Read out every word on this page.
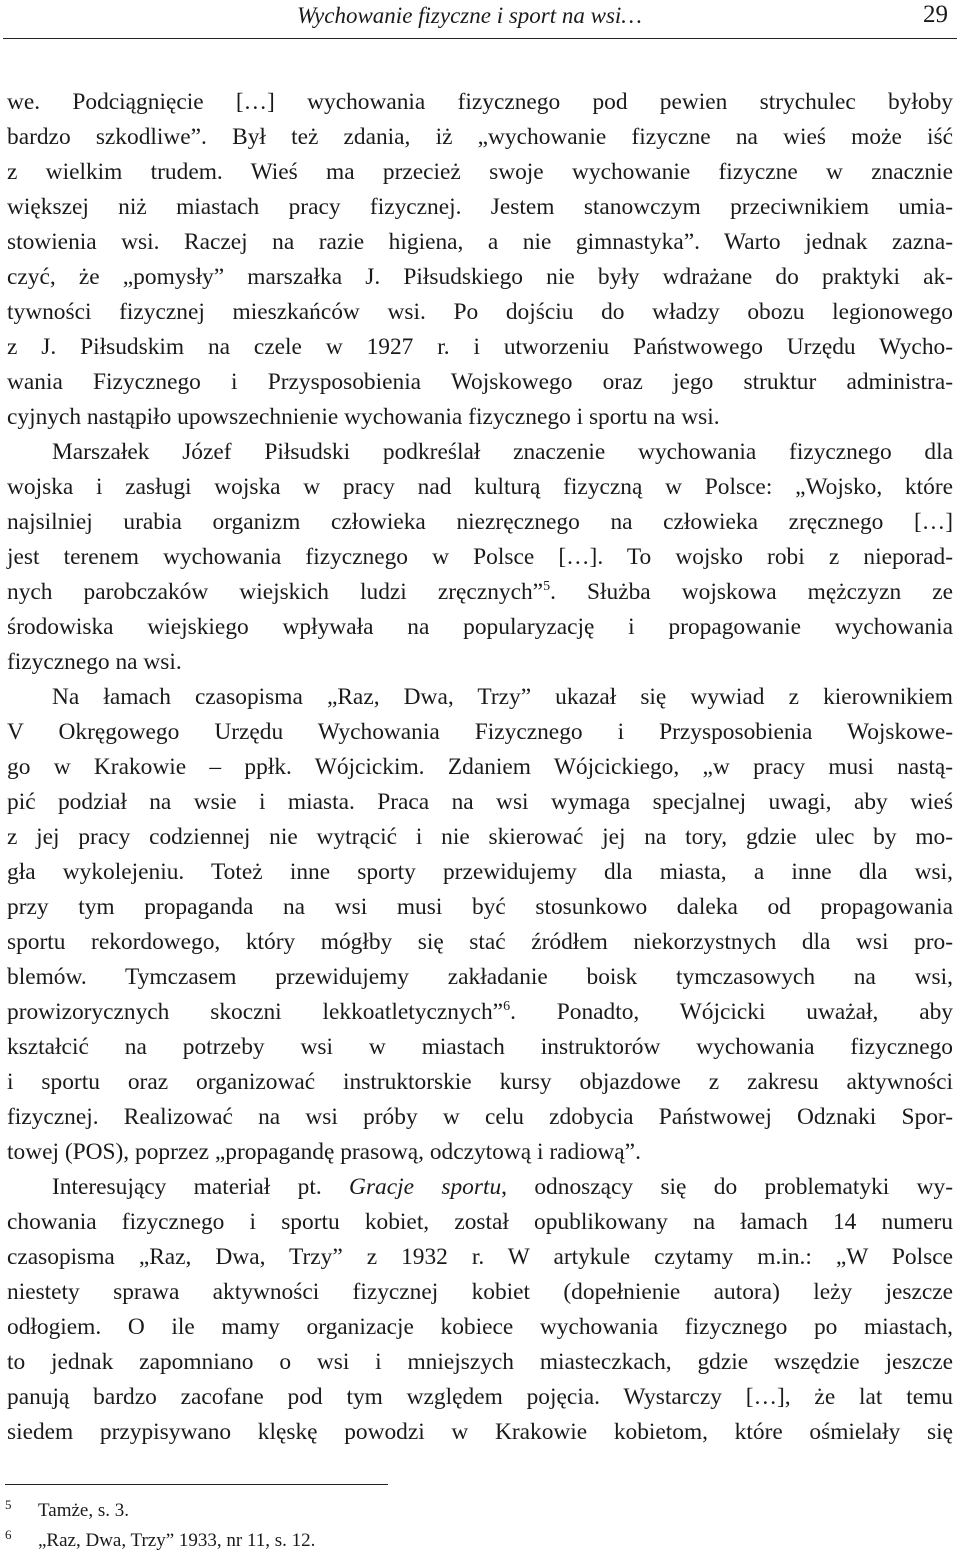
Wychowanie fizyczne i sport na wsi…	29
we. Podciągnięcie […] wychowania fizycznego pod pewien strychulec byłoby
bardzo szkodliwe”. Był też zdania, iż „wychowanie fizyczne na wieś może iść
z wielkim trudem. Wieś ma przecież swoje wychowanie fizyczne w znacznie
większej niż miastach pracy fizycznej. Jestem stanowczym przeciwnikiem umia-
stowienia wsi. Raczej na razie higiena, a nie gimnastyka”. Warto jednak zazna-
czyć, że „pomysły” marszałka J. Piłsudskiego nie były wdrażane do praktyki ak-
tywności fizycznej mieszkańców wsi. Po dojściu do władzy obozu legionowego
z J. Piłsudskim na czele w 1927 r. i utworzeniu Państwowego Urzędu Wycho-
wania Fizycznego i Przysposobienia Wojskowego oraz jego struktur administra-
cyjnych nastąpiło upowszechnienie wychowania fizycznego i sportu na wsi.
Marszałek Józef Piłsudski podkreślał znaczenie wychowania fizycznego dla
wojska i zasługi wojska w pracy nad kulturą fizyczną w Polsce: „Wojsko, które
najsilniej urabia organizm człowieka niezręcznego na człowieka zręcznego […]
jest terenem wychowania fizycznego w Polsce […]. To wojsko robi z nieporad-
nych parobczaków wiejskich ludzi zręcznych”$^5$. Służba wojskowa mężczyzn ze
środowiska wiejskiego wpływała na popularyzację i propagowanie wychowania
fizycznego na wsi.
Na łamach czasopisma „Raz, Dwa, Trzy” ukazał się wywiad z kierownikiem
V Okręgowego Urzędu Wychowania Fizycznego i Przysposobienia Wojskowe-
go w Krakowie – ppłk. Wójcickim. Zdaniem Wójcickiego, „w pracy musi nastą-
pić podział na wsie i miasta. Praca na wsi wymaga specjalnej uwagi, aby wieś
z jej pracy codziennej nie wytrącić i nie skierować jej na tory, gdzie ulec by mo-
gła wykolejeniu. Toteż inne sporty przewidujemy dla miasta, a inne dla wsi,
przy tym propaganda na wsi musi być stosunkowo daleka od propagowania
sportu rekordowego, który mógłby się stać źródłem niekorzystnych dla wsi pro-
blemów. Tymczasem przewidujemy zakładanie boisk tymczasowych na wsi,
prowizorycznych skoczni lekkoatletycznych”$^6$. Ponadto, Wójcicki uważał, aby
kształcić na potrzeby wsi w miastach instruktorów wychowania fizycznego
i sportu oraz organizować instruktorskie kursy objazdowe z zakresu aktywności
fizycznej. Realizować na wsi próby w celu zdobycia Państwowej Odznaki Spor-
towej (POS), poprzez „propagandę prasową, odczytową i radiową”.
Interesujący materiał pt. Gracje sportu, odnoszący się do problematyki wy-
chowania fizycznego i sportu kobiet, został opublikowany na łamach 14 numeru
czasopisma „Raz, Dwa, Trzy” z 1932 r. W artykule czytamy m.in.: „W Polsce
niestety sprawa aktywności fizycznej kobiet (dopełnienie autora) leży jeszcze
odłogiem. O ile mamy organizacje kobiece wychowania fizycznego po miastach,
to jednak zapomniano o wsi i mniejszych miasteczkach, gdzie wszędzie jeszcze
panują bardzo zacofane pod tym względem pojęcia. Wystarczy […], że lat temu
siedem przypisywano klęskę powodzi w Krakowie kobietom, które ośmielały się
5 Tamże, s. 3.
6 „Raz, Dwa, Trzy” 1933, nr 11, s. 12.
